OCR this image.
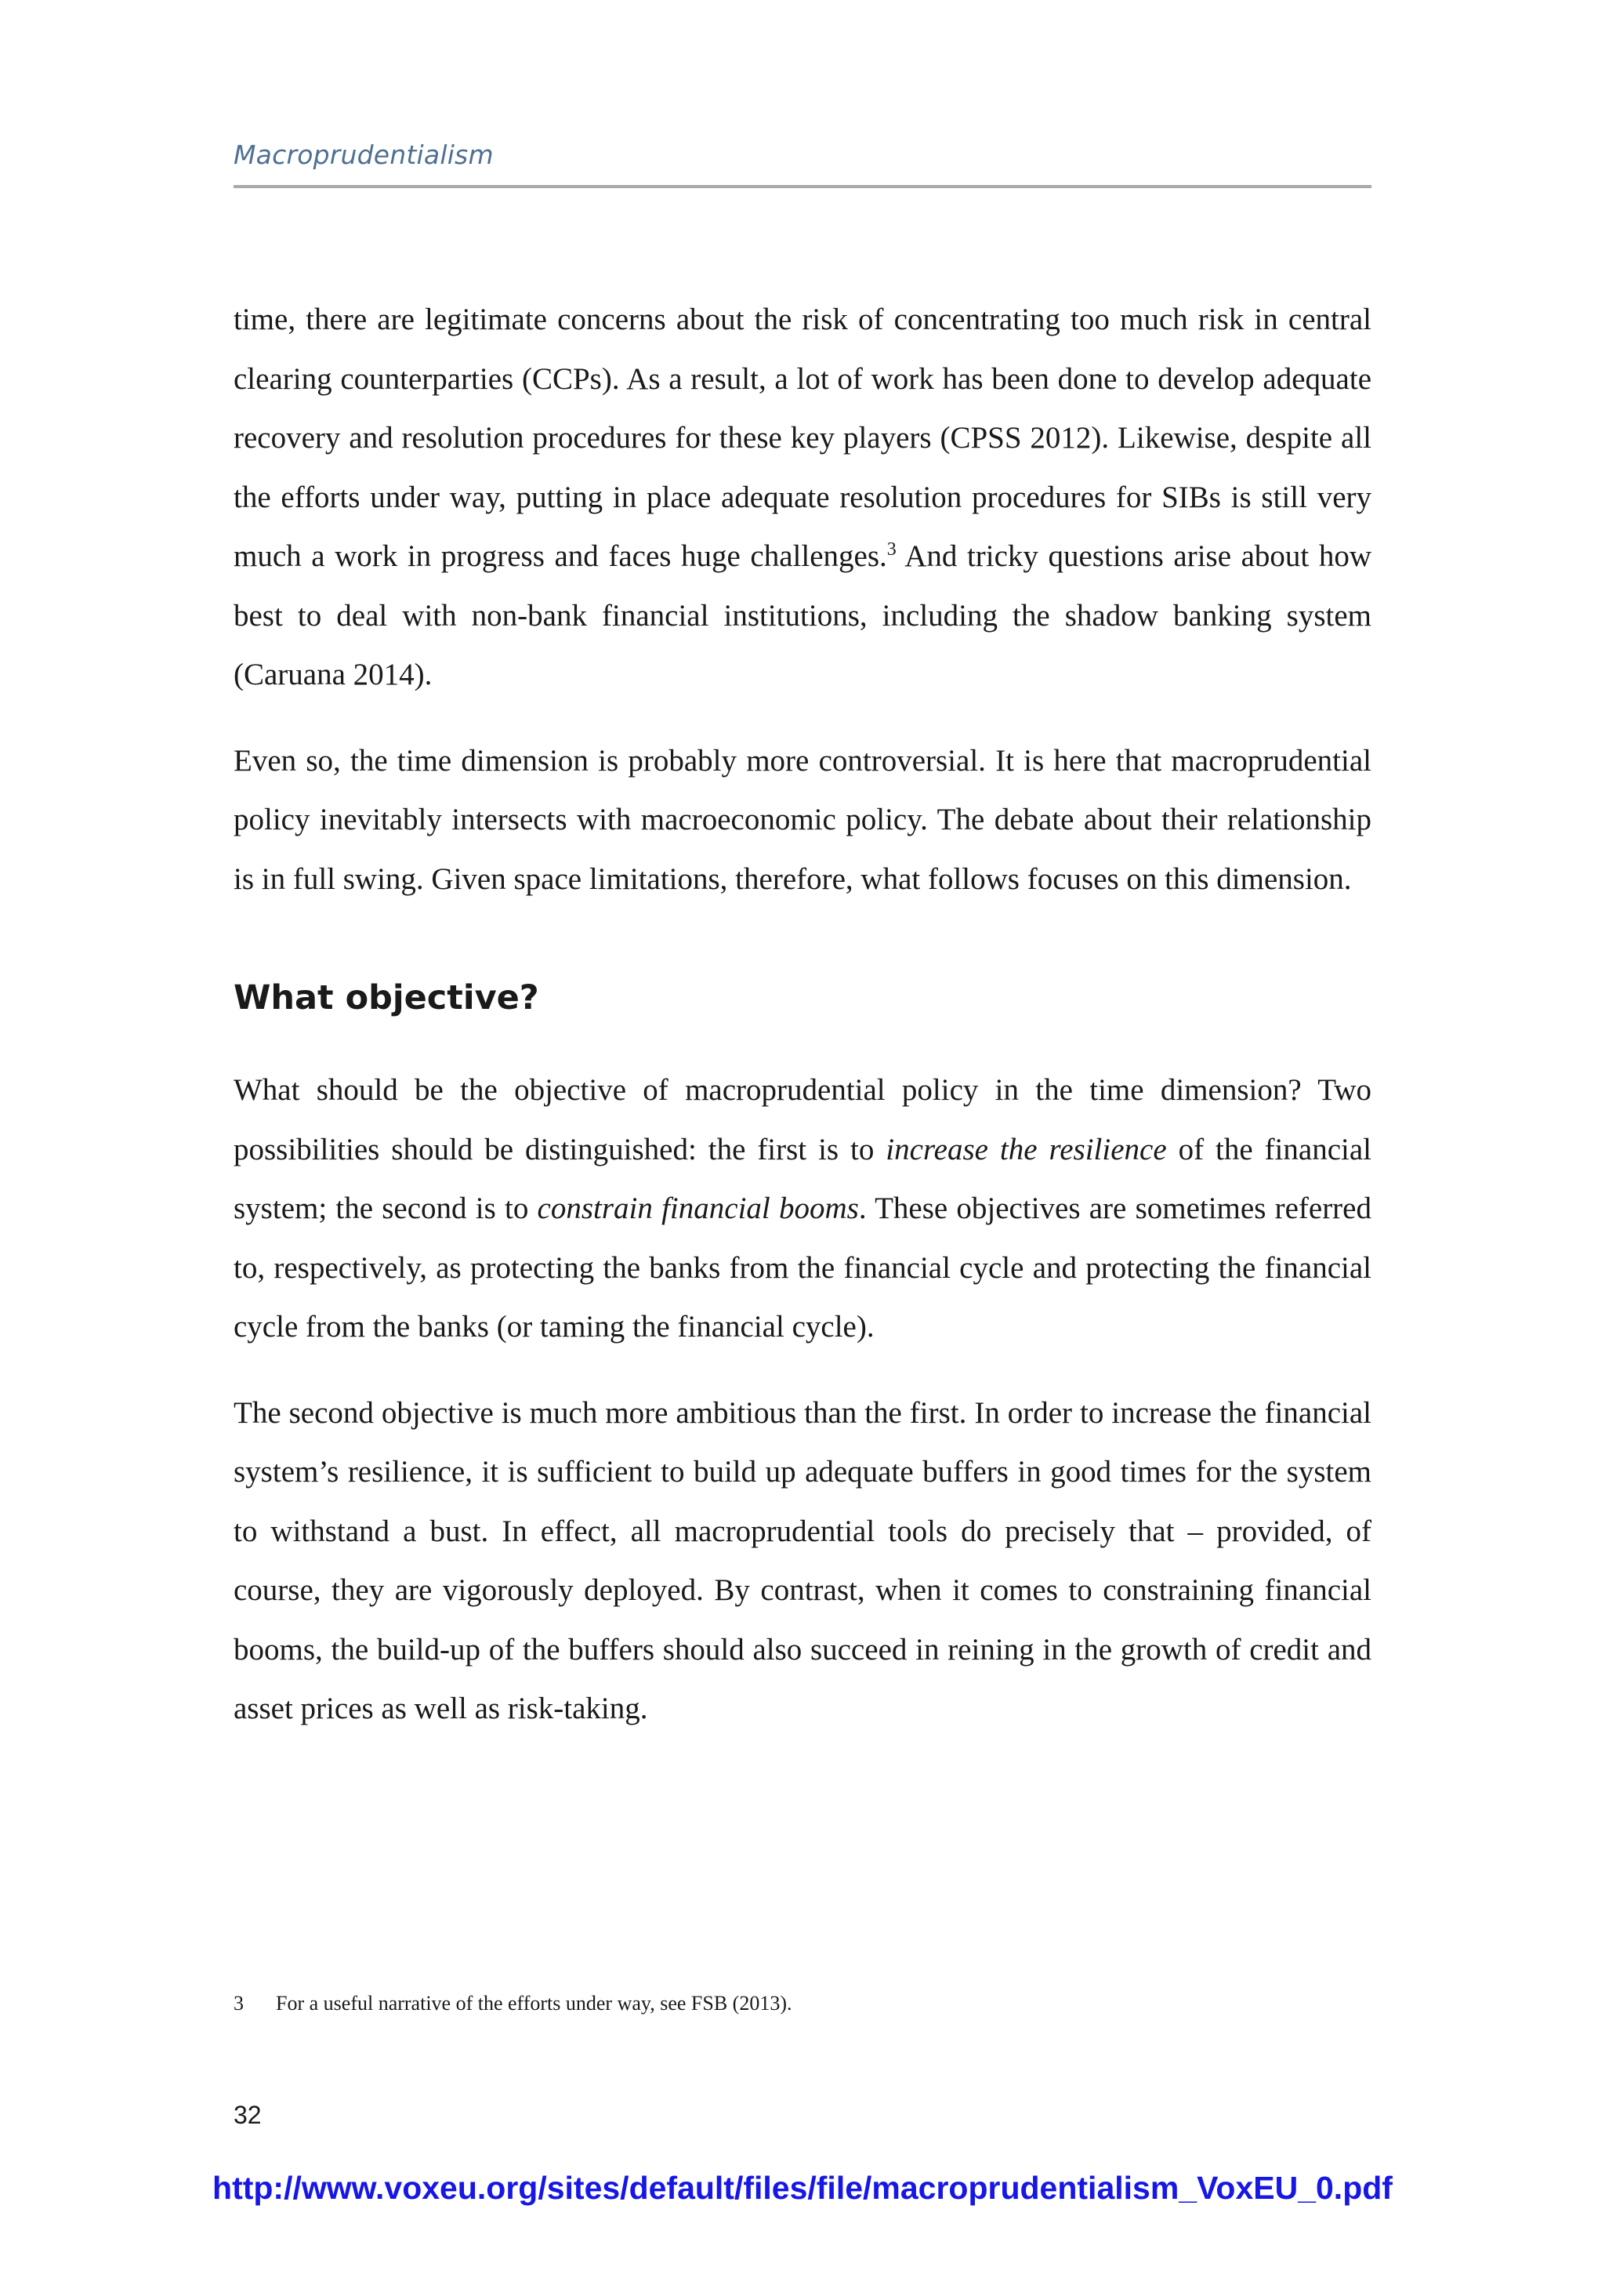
Macroprudentialism

time, there are legitimate concerns about the risk of concentrating too much risk in central clearing counterparties (CCPs). As a result, a lot of work has been done to develop adequate recovery and resolution procedures for these key players (CPSS 2012). Likewise, despite all the efforts under way, putting in place adequate resolution procedures for SIBs is still very much a work in progress and faces huge challenges.$^3$ And tricky questions arise about how best to deal with non-bank financial institutions, including the shadow banking system (Caruana 2014).

Even so, the time dimension is probably more controversial. It is here that macroprudential policy inevitably intersects with macroeconomic policy. The debate about their relationship is in full swing. Given space limitations, therefore, what follows focuses on this dimension.

What objective?

What should be the objective of macroprudential policy in the time dimension? Two possibilities should be distinguished: the first is to increase the resilience of the financial system; the second is to constrain financial booms. These objectives are sometimes referred to, respectively, as protecting the banks from the financial cycle and protecting the financial cycle from the banks (or taming the financial cycle).

The second objective is much more ambitious than the first. In order to increase the financial system’s resilience, it is sufficient to build up adequate buffers in good times for the system to withstand a bust. In effect, all macroprudential tools do precisely that – provided, of course, they are vigorously deployed. By contrast, when it comes to constraining financial booms, the build-up of the buffers should also succeed in reining in the growth of credit and asset prices as well as risk-taking.

3 For a useful narrative of the efforts under way, see FSB (2013).
32
http://www.voxeu.org/sites/default/files/file/macroprudentialism_VoxEU_0.pdf
